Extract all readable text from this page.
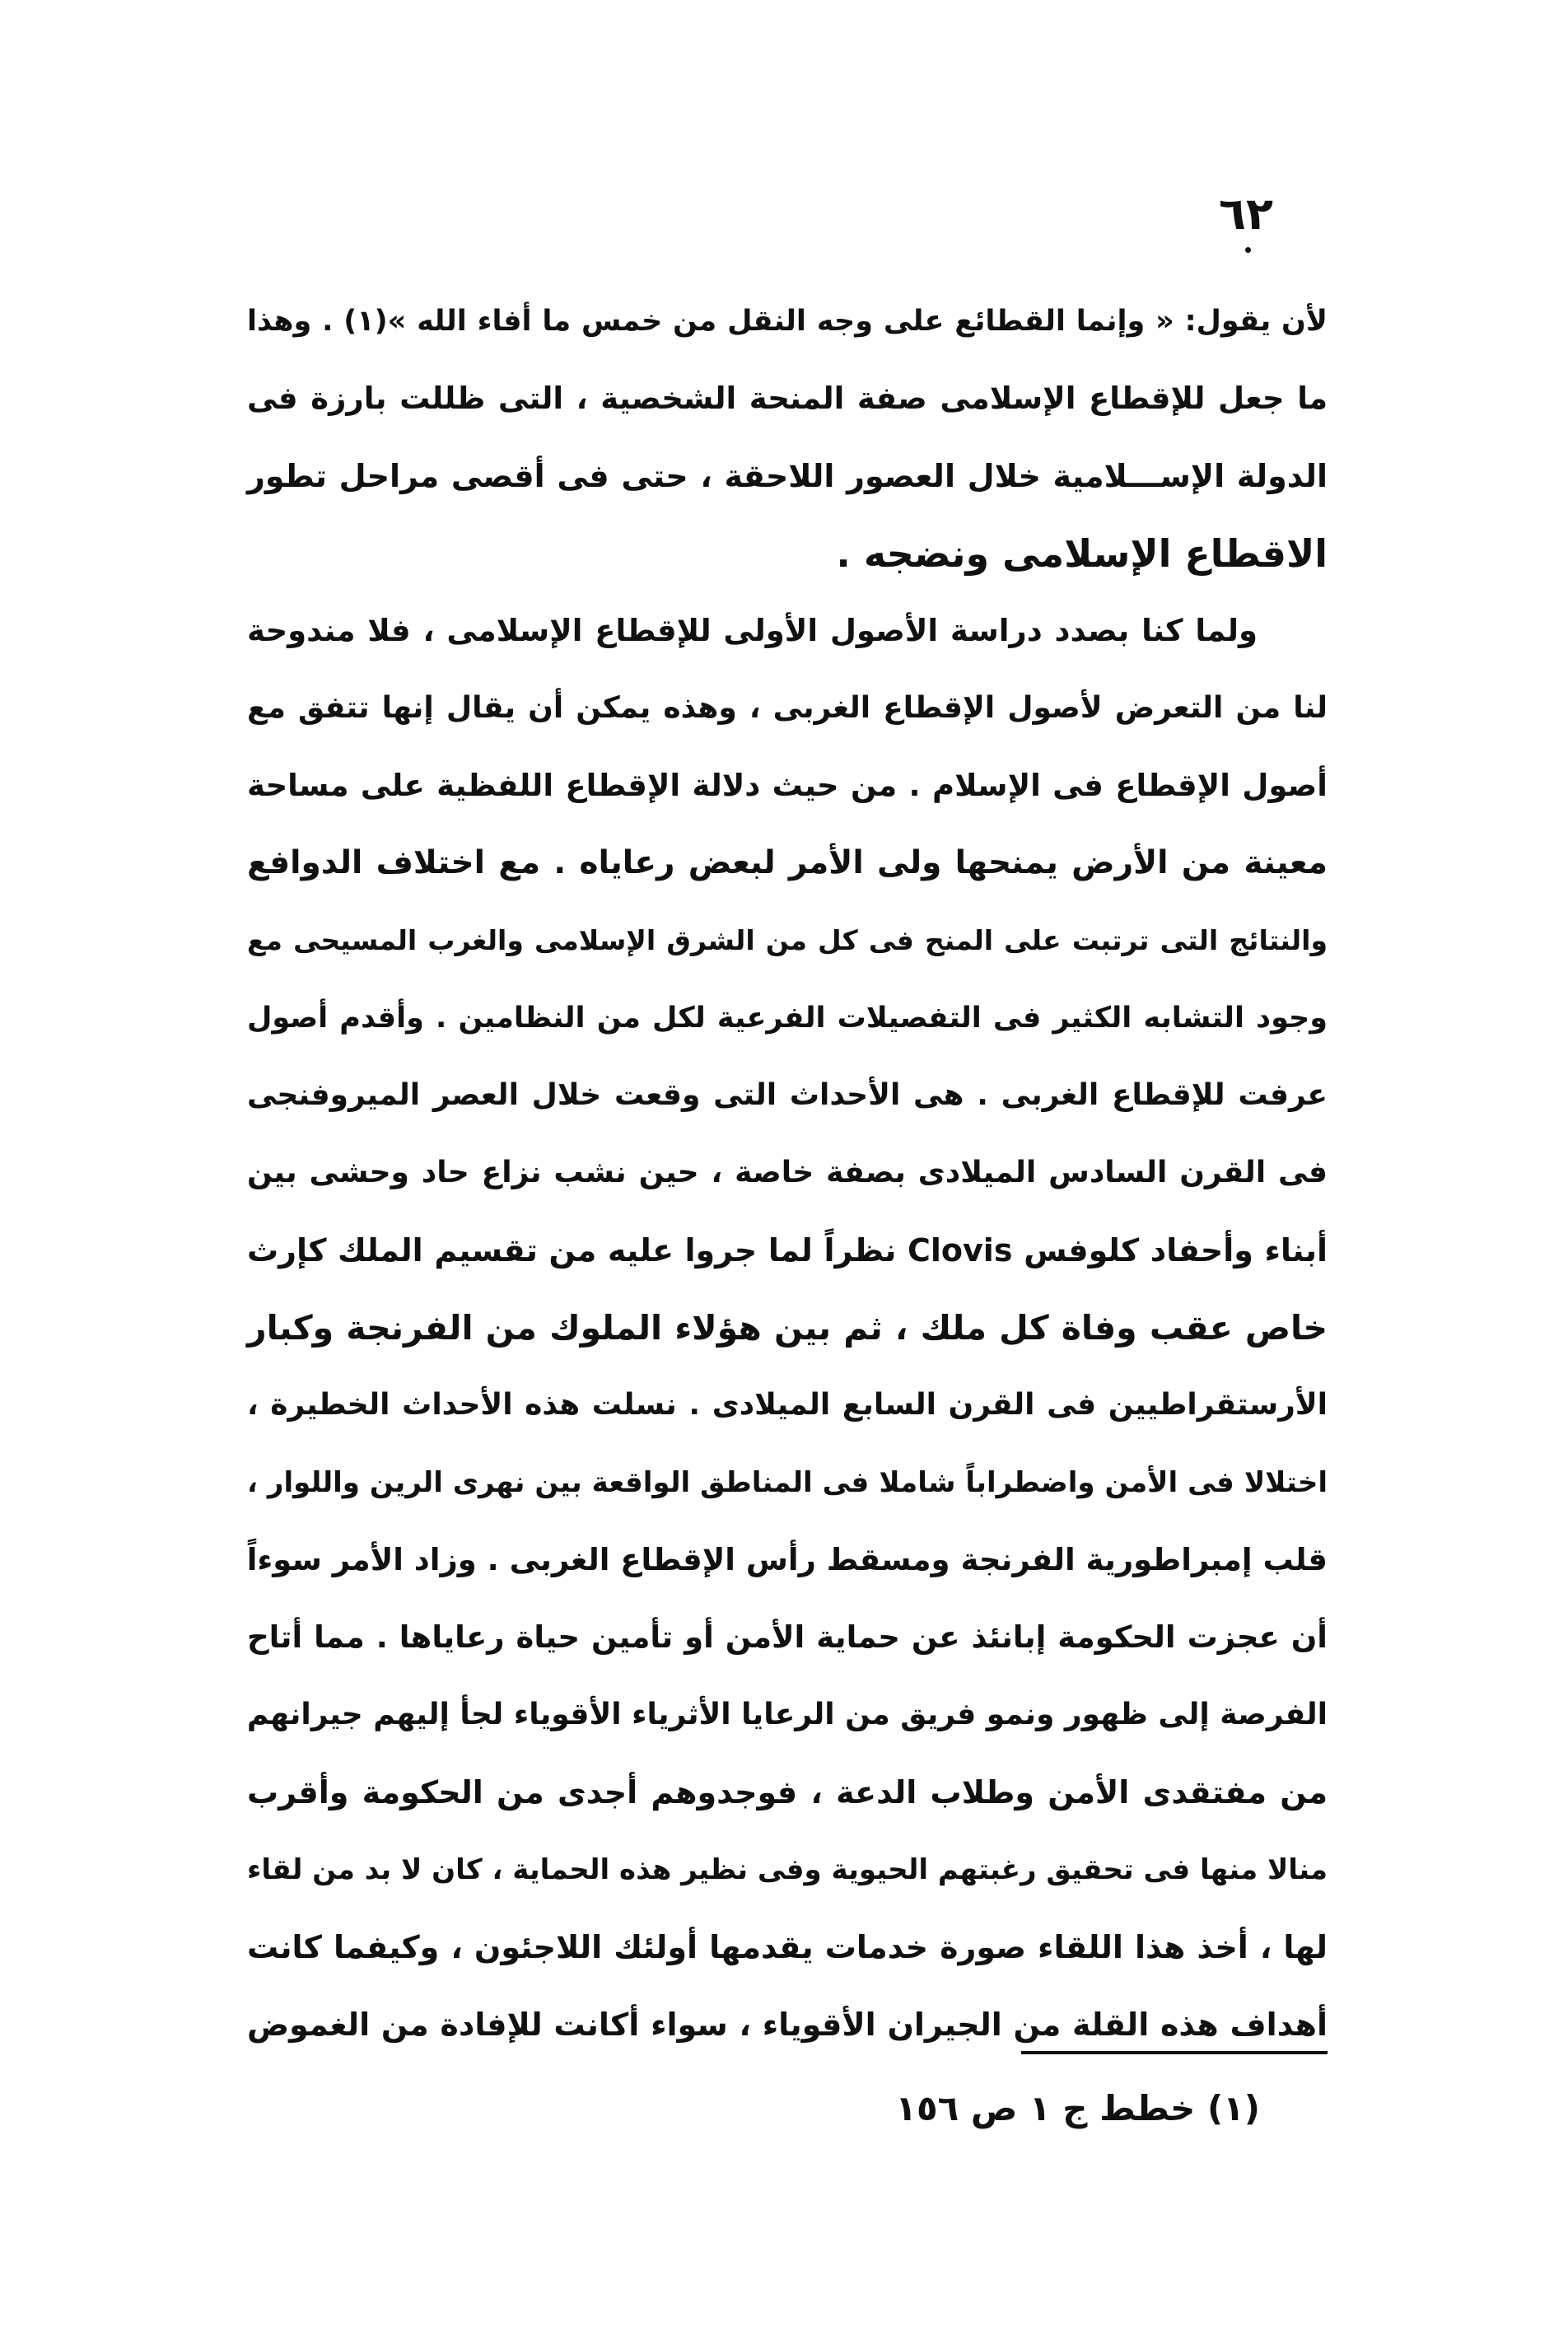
٦٢
لأن يقول: « وإنما القطائع على وجه النقل من خمس ما أفاء الله »(١) . وهذا
ما جعل للإقطاع الإسلامى صفة المنحة الشخصية ، التى ظللت بارزة فى
الدولة الإســـلامية خلال العصور اللاحقة ، حتى فى أقصى مراحل تطور
الاقطاع الإسلامى ونضجه .
ولما كنا بصدد دراسة الأصول الأولى للإقطاع الإسلامى ، فلا مندوحة
لنا من التعرض لأصول الإقطاع الغربى ، وهذه يمكن أن يقال إنها تتفق مع
أصول الإقطاع فى الإسلام . من حيث دلالة الإقطاع اللفظية على مساحة
معينة من الأرض يمنحها ولى الأمر لبعض رعاياه . مع اختلاف الدوافع
والنتائج التى ترتبت على المنح فى كل من الشرق الإسلامى والغرب المسيحى مع
وجود التشابه الكثير فى التفصيلات الفرعية لكل من النظامين . وأقدم أصول
عرفت للإقطاع الغربى . هى الأحداث التى وقعت خلال العصر الميروفنجى
فى القرن السادس الميلادى بصفة خاصة ، حين نشب نزاع حاد وحشى بين
أبناء وأحفاد كلوفس Clovis نظراً لما جروا عليه من تقسيم الملك كإرث
خاص عقب وفاة كل ملك ، ثم بين هؤلاء الملوك من الفرنجة وكبار
الأرستقراطيين فى القرن السابع الميلادى . نسلت هذه الأحداث الخطيرة ،
اختلالا فى الأمن واضطراباً شاملا فى المناطق الواقعة بين نهرى الرين واللوار ،
قلب إمبراطورية الفرنجة ومسقط رأس الإقطاع الغربى . وزاد الأمر سوءاً
أن عجزت الحكومة إبانئذ عن حماية الأمن أو تأمين حياة رعاياها . مما أتاح
الفرصة إلى ظهور ونمو فريق من الرعايا الأثرياء الأقوياء لجأ إليهم جيرانهم
من مفتقدى الأمن وطلاب الدعة ، فوجدوهم أجدى من الحكومة وأقرب
منالا منها فى تحقيق رغبتهم الحيوية وفى نظير هذه الحماية ، كان لا بد من لقاء
لها ، أخذ هذا اللقاء صورة خدمات يقدمها أولئك اللاجئون ، وكيفما كانت
أهداف هذه القلة من الجيران الأقوياء ، سواء أكانت للإفادة من الغموض
(١) خطط ج ١ ص ١٥٦
